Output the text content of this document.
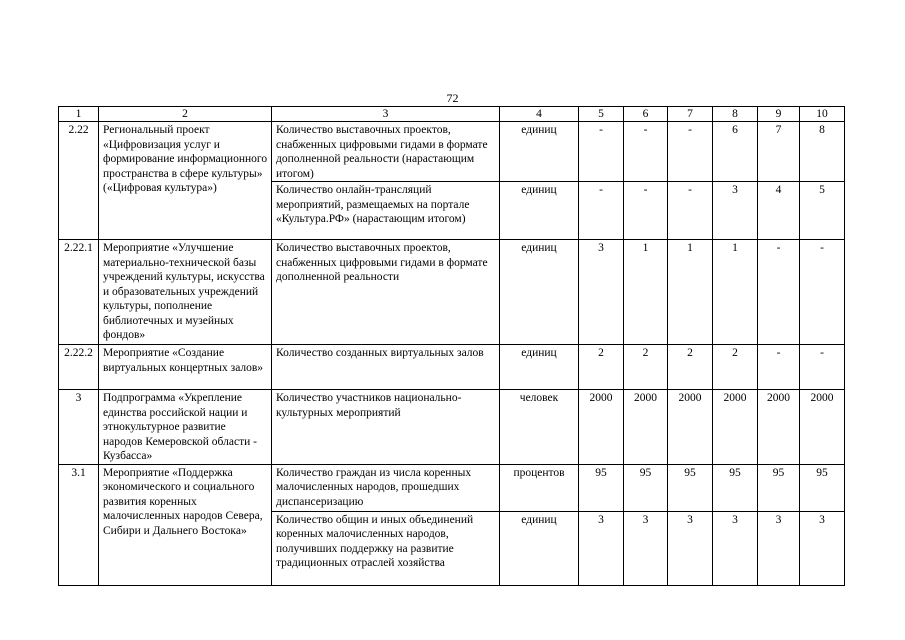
72
1	2	3	4	5	6	7	8	9	10
2.22	Региональный проект «Цифровизация услуг и формирование информационного пространства в сфере культуры» («Цифровая культура»)	Количество выставочных проектов, снабженных цифровыми гидами в формате дополненной реальности (нарастающим итогом)	единиц	-	-	-	6	7	8
		Количество онлайн-трансляций мероприятий, размещаемых на портале «Культура.РФ» (нарастающим итогом)	единиц	-	-	-	3	4	5
2.22.1	Мероприятие «Улучшение материально-технической базы учреждений культуры, искусства и образовательных учреждений культуры, пополнение библиотечных и музейных фондов»	Количество выставочных проектов, снабженных цифровыми гидами в формате дополненной реальности	единиц	3	1	1	1	-	-
2.22.2	Мероприятие «Создание виртуальных концертных залов»	Количество созданных виртуальных залов	единиц	2	2	2	2	-	-
3	Подпрограмма «Укрепление единства российской нации и этнокультурное развитие народов Кемеровской области - Кузбасса»	Количество участников национально-культурных мероприятий	человек	2000	2000	2000	2000	2000	2000
3.1	Мероприятие «Поддержка экономического и социального развития коренных малочисленных народов Севера, Сибири и Дальнего Востока»	Количество граждан из числа коренных малочисленных народов, прошедших диспансеризацию	процентов	95	95	95	95	95	95
		Количество общин и иных объединений коренных малочисленных народов, получивших поддержку на развитие традиционных отраслей хозяйства	единиц	3	3	3	3	3	3
